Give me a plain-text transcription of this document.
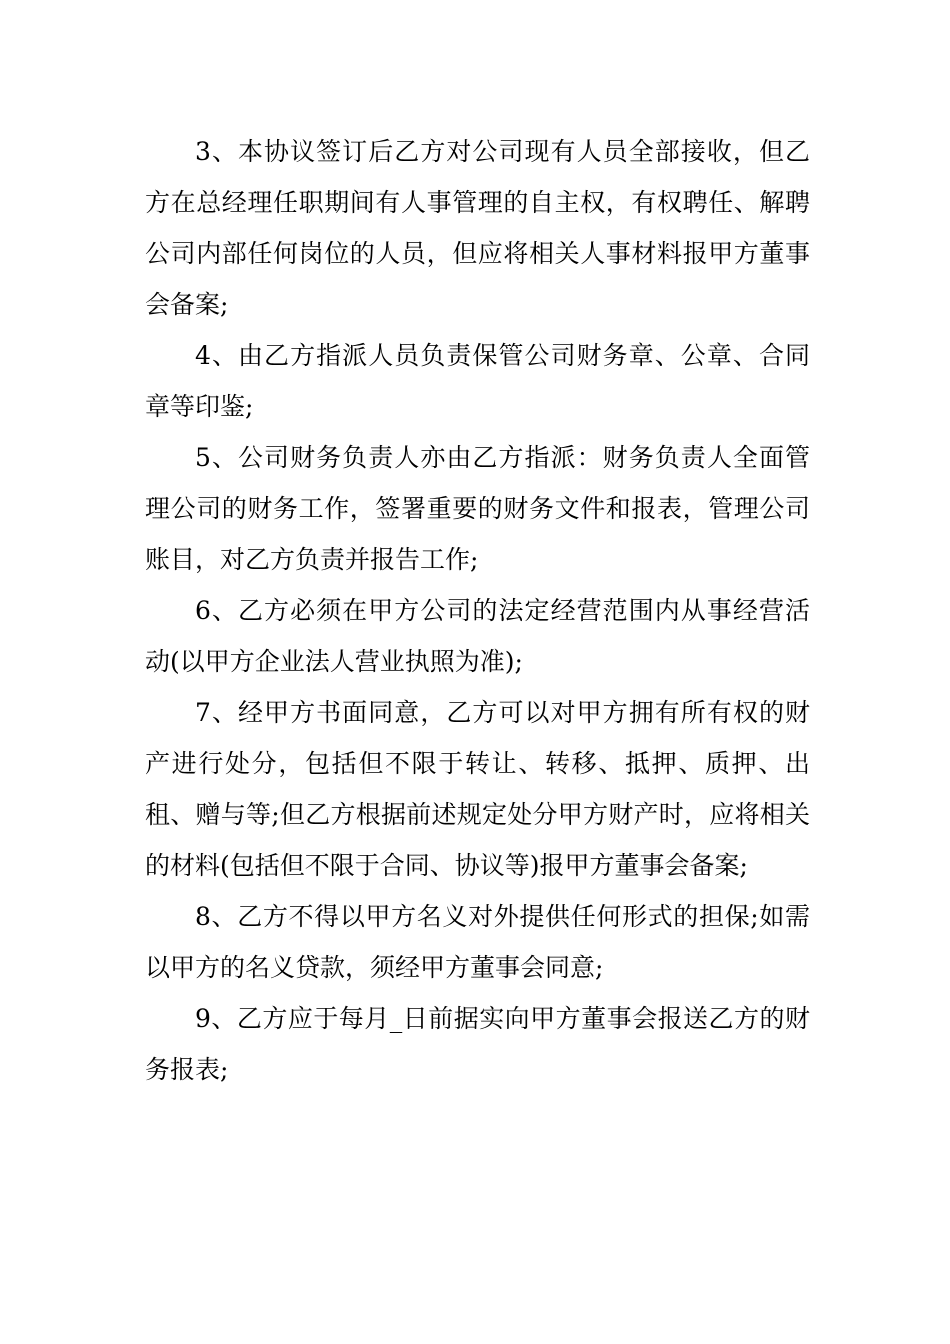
3、本协议签订后乙方对公司现有人员全部接收，但乙方在总经理任职期间有人事管理的自主权，有权聘任、解聘公司内部任何岗位的人员，但应将相关人事材料报甲方董事会备案;

4、由乙方指派人员负责保管公司财务章、公章、合同章等印鉴;

5、公司财务负责人亦由乙方指派：财务负责人全面管理公司的财务工作，签署重要的财务文件和报表，管理公司账目，对乙方负责并报告工作;

6、乙方必须在甲方公司的法定经营范围内从事经营活动(以甲方企业法人营业执照为准);

7、经甲方书面同意，乙方可以对甲方拥有所有权的财产进行处分，包括但不限于转让、转移、抵押、质押、出租、赠与等;但乙方根据前述规定处分甲方财产时，应将相关的材料(包括但不限于合同、协议等)报甲方董事会备案;

8、乙方不得以甲方名义对外提供任何形式的担保;如需以甲方的名义贷款，须经甲方董事会同意;

9、乙方应于每月_日前据实向甲方董事会报送乙方的财务报表;
